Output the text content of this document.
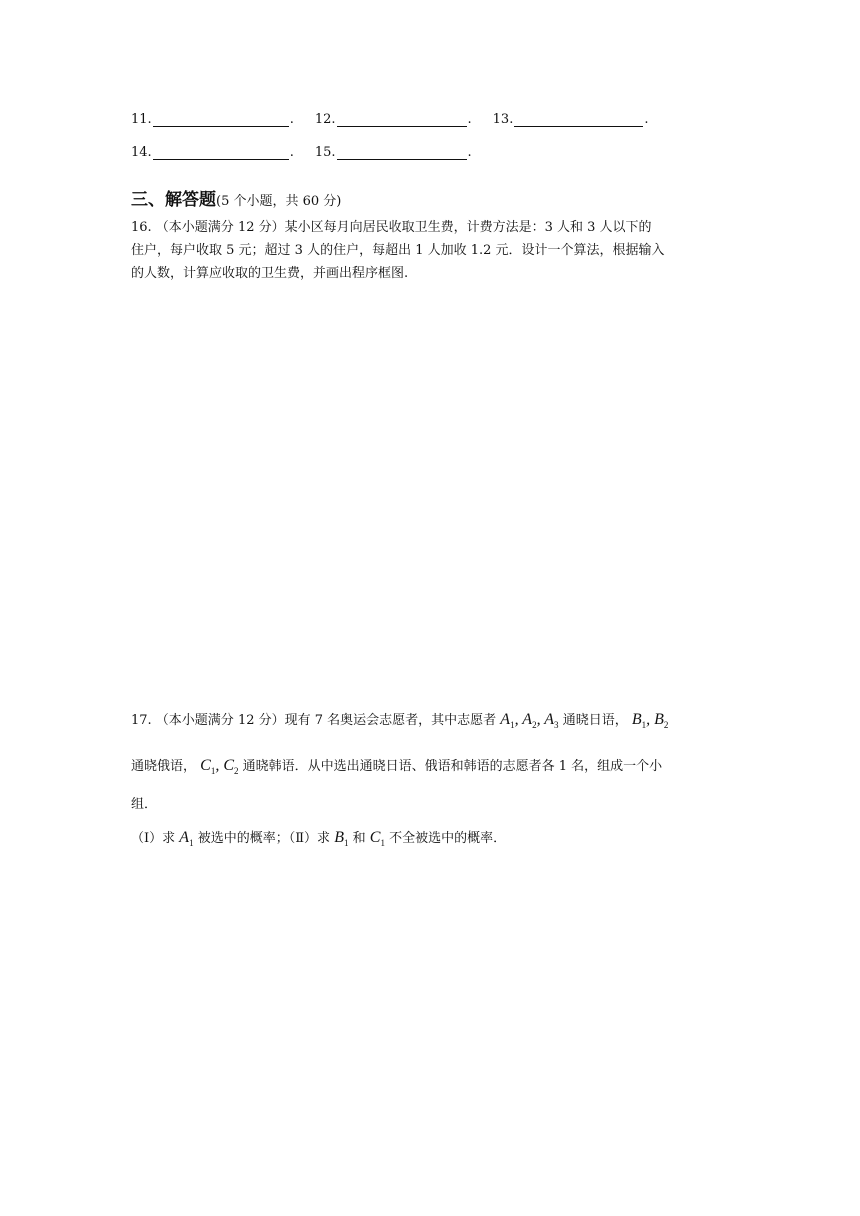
11.	. 12.	. 13.	.
14.	. 15.	.
三、解答题(5 个小题，共 60 分)
16. （本小题满分 12 分）某小区每月向居民收取卫生费，计费方法是：3 人和 3 人以下的
住户，每户收取 5 元；超过 3 人的住户，每超出 1 人加收 1.2 元．设计一个算法，根据输入
的人数，计算应收取的卫生费，并画出程序框图.
17. （本小题满分 12 分）现有 7 名奥运会志愿者，其中志愿者 $A_1$, $A_2$, $A_3$ 通晓日语， $B_1$, $B_2$
通晓俄语， $C_1$, $C_2$ 通晓韩语．从中选出通晓日语、俄语和韩语的志愿者各 1 名，组成一个小
组．
（Ⅰ）求 $A_1$ 被选中的概率；（Ⅱ）求 $B_1$ 和 $C_1$ 不全被选中的概率．
